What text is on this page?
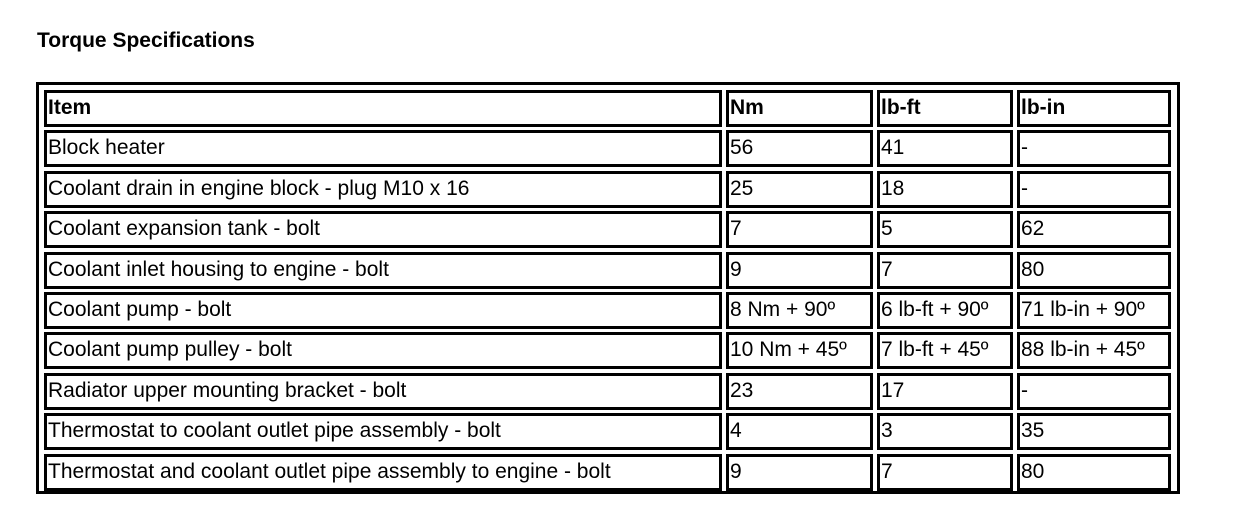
Torque Specifications
Item	Nm	lb-ft	lb-in
Block heater	56	41	-
Coolant drain in engine block - plug M10 x 16	25	18	-
Coolant expansion tank - bolt	7	5	62
Coolant inlet housing to engine - bolt	9	7	80
Coolant pump - bolt	8 Nm + 90º	6 lb-ft + 90º	71 lb-in + 90º
Coolant pump pulley - bolt	10 Nm + 45º	7 lb-ft + 45º	88 lb-in + 45º
Radiator upper mounting bracket - bolt	23	17	-
Thermostat to coolant outlet pipe assembly - bolt	4	3	35
Thermostat and coolant outlet pipe assembly to engine - bolt	9	7	80
